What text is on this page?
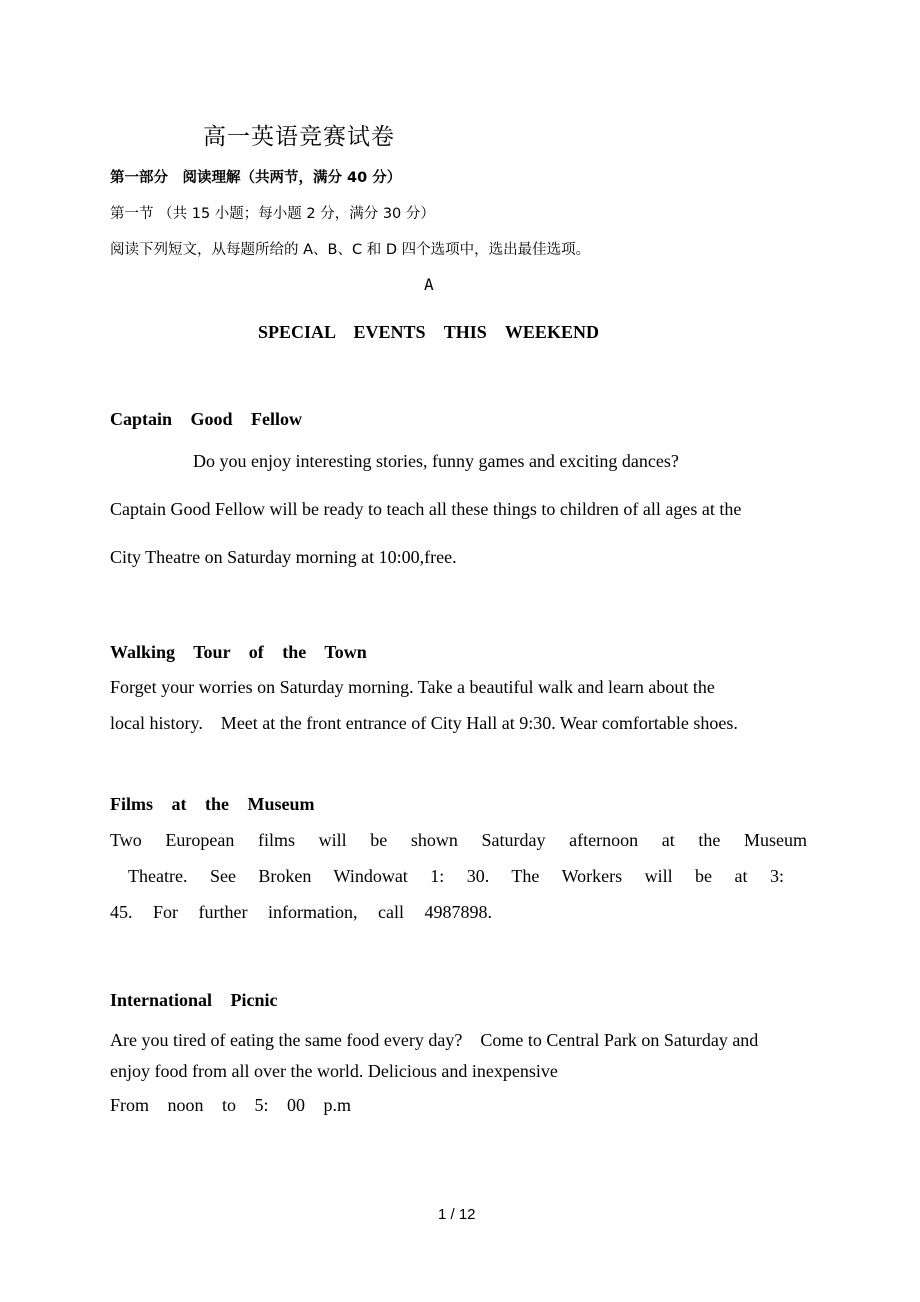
高一英语竞赛试卷
第一部分　阅读理解（共两节，满分 40 分）
第一节 （共 15 小题；每小题 2 分，满分 30 分）
阅读下列短文，从每题所给的 A、B、C 和 D 四个选项中，选出最佳选项。
A
SPECIAL EVENTS THIS WEEKEND
Captain Good Fellow
Do you enjoy interesting stories, funny games and exciting dances?
Captain Good Fellow will be ready to teach all these things to children of all ages at the
City Theatre on Saturday morning at 10:00,free.
Walking Tour of the Town
Forget your worries on Saturday morning. Take a beautiful walk and learn about the
local history.　Meet at the front entrance of City Hall at 9:30. Wear comfortable shoes.
Films at the Museum
Two European films will be shown Saturday afternoon at the Museum
Theatre. See Broken Windowat 1: 30. The Workers will be at 3:
45. For further information, call 4987898.
International Picnic
Are you tired of eating the same food every day?　Come to Central Park on Saturday and
enjoy food from all over the world. Delicious and inexpensive
From noon to 5: 00 p.m
1 / 12
